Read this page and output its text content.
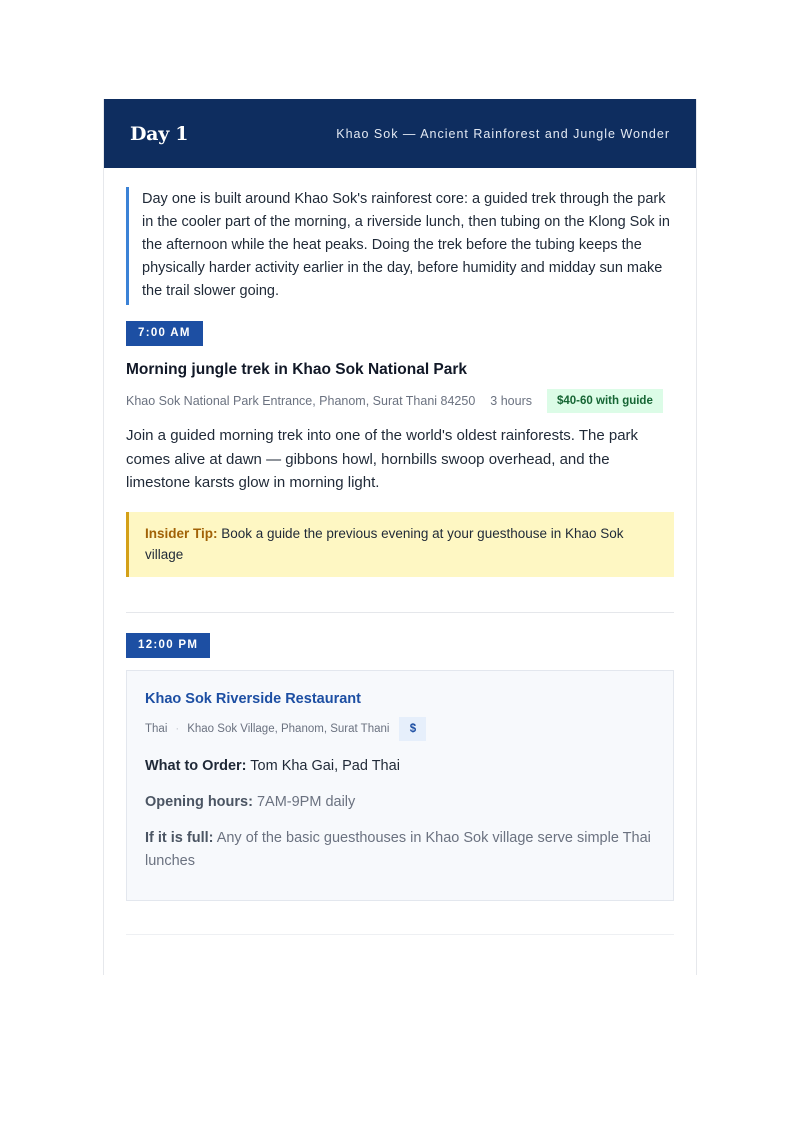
Day 1	Khao Sok — Ancient Rainforest and Jungle Wonder
Day one is built around Khao Sok's rainforest core: a guided trek through the park in the cooler part of the morning, a riverside lunch, then tubing on the Klong Sok in the afternoon while the heat peaks. Doing the trek before the tubing keeps the physically harder activity earlier in the day, before humidity and midday sun make the trail slower going.
7:00 AM
Morning jungle trek in Khao Sok National Park
Khao Sok National Park Entrance, Phanom, Surat Thani 84250 3 hours	$40-60 with guide
Join a guided morning trek into one of the world's oldest rainforests. The park comes alive at dawn — gibbons howl, hornbills swoop overhead, and the limestone karsts glow in morning light.
Insider Tip: Book a guide the previous evening at your guesthouse in Khao Sok village
12:00 PM
Khao Sok Riverside Restaurant
Thai · Khao Sok Village, Phanom, Surat Thani	$
What to Order: Tom Kha Gai, Pad Thai
Opening hours: 7AM-9PM daily
If it is full: Any of the basic guesthouses in Khao Sok village serve simple Thai lunches
